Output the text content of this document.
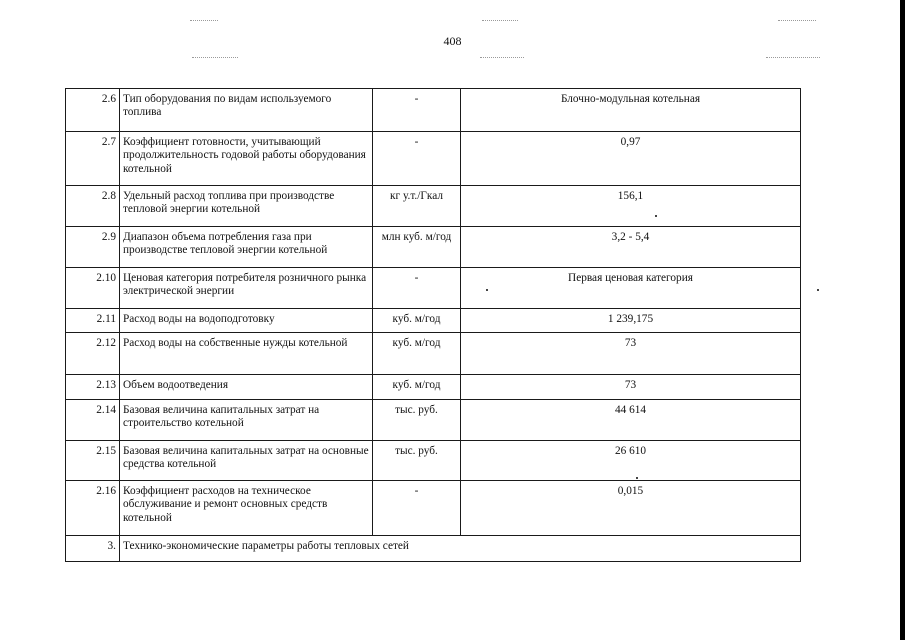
408
2.6	Тип оборудования по видам используемого топлива	-	Блочно-модульная котельная
2.7	Коэффициент готовности, учитывающий продолжительность годовой работы оборудования котельной	-	0,97
2.8	Удельный расход топлива при производстве тепловой энергии котельной	кг у.т./Гкал	156,1
2.9	Диапазон объема потребления газа при производстве тепловой энергии котельной	млн куб. м/год	3,2 - 5,4
2.10	Ценовая категория потребителя розничного рынка электрической энергии	-	Первая ценовая категория
2.11	Расход воды на водоподготовку	куб. м/год	1 239,175
2.12	Расход воды на собственные нужды котельной	куб. м/год	73
2.13	Объем водоотведения	куб. м/год	73
2.14	Базовая величина капитальных затрат на строительство котельной	тыс. руб.	44 614
2.15	Базовая величина капитальных затрат на основные средства котельной	тыс. руб.	26 610
2.16	Коэффициент расходов на техническое обслуживание и ремонт основных средств котельной	-	0,015
3.	Технико-экономические параметры работы тепловых сетей		
